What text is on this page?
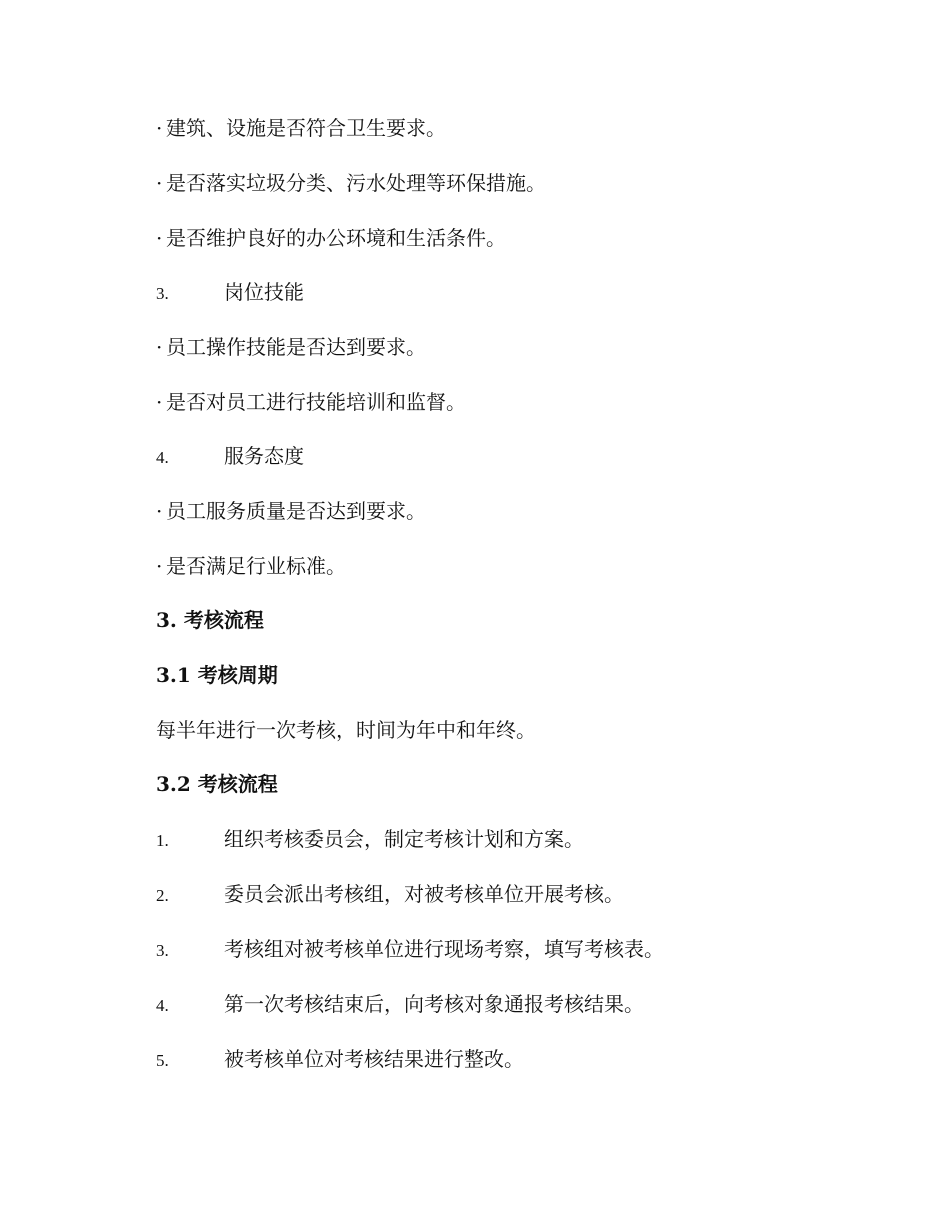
· 建筑、设施是否符合卫生要求。
· 是否落实垃圾分类、污水处理等环保措施。
· 是否维护良好的办公环境和生活条件。
3.	岗位技能
· 员工操作技能是否达到要求。
· 是否对员工进行技能培训和监督。
4.	服务态度
· 员工服务质量是否达到要求。
· 是否满足行业标准。
3. 考核流程
3.1 考核周期
每半年进行一次考核，时间为年中和年终。
3.2 考核流程
1.	组织考核委员会，制定考核计划和方案。
2.	委员会派出考核组，对被考核单位开展考核。
3.	考核组对被考核单位进行现场考察，填写考核表。
4.	第一次考核结束后，向考核对象通报考核结果。
5.	被考核单位对考核结果进行整改。
